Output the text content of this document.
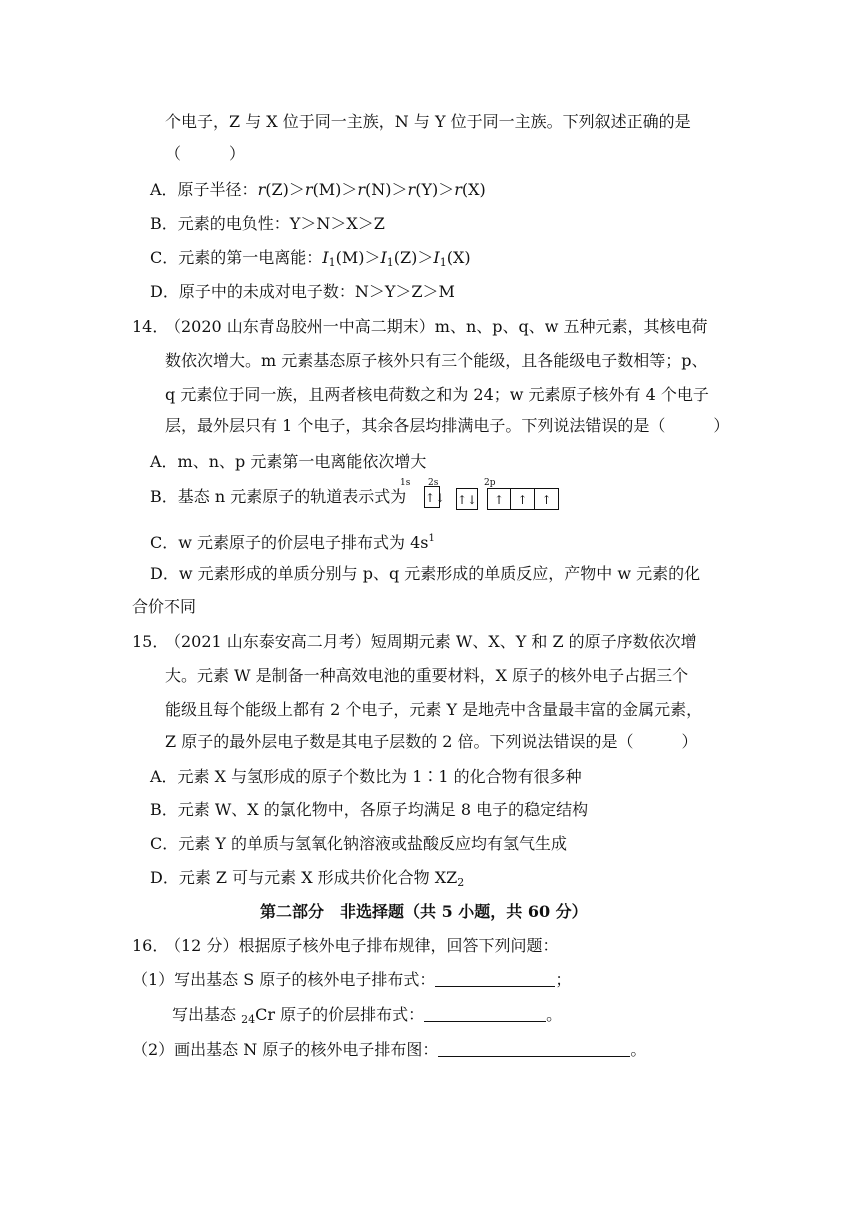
个电子，Z 与 X 位于同一主族，N 与 Y 位于同一主族。下列叙述正确的是
（　　　）
A．原子半径：r(Z)＞r(M)＞r(N)＞r(Y)＞r(X)
B．元素的电负性：Y＞N＞X＞Z
C．元素的第一电离能：$I_1(M)>I_1(Z)>I_1(X)$
D．原子中的未成对电子数：N＞Y＞Z＞M
14．
（2020 山东青岛胶州一中高二期末）m、n、p、q、w 五种元素，其核电荷
数依次增大。m 元素基态原子核外只有三个能级，且各能级电子数相等；p、
q 元素位于同一族，且两者核电荷数之和为 24；w 元素原子核外有 4 个电子
层，最外层只有 1 个电子，其余各层均排满电子。下列说法错误的是（　　　）
A．m、n、p 元素第一电离能依次增大
B．基态 n 元素原子的轨道表示式为
1s 2s	2p
↑↓ ↑↓	↑ ↑ ↑
C．w 元素原子的价层电子排布式为 $4s^1$
D．w 元素形成的单质分别与 p、q 元素形成的单质反应，产物中 w 元素的化
合价不同
15．
（2021 山东泰安高二月考）短周期元素 W、X、Y 和 Z 的原子序数依次增
大。元素 W 是制备一种高效电池的重要材料，X 原子的核外电子占据三个
能级且每个能级上都有 2 个电子，元素 Y 是地壳中含量最丰富的金属元素，
Z 原子的最外层电子数是其电子层数的 2 倍。下列说法错误的是（　　　）
A．元素 X 与氢形成的原子个数比为 1∶1 的化合物有很多种
B．元素 W、X 的氯化物中，各原子均满足 8 电子的稳定结构
C．元素 Y 的单质与氢氧化钠溶液或盐酸反应均有氢气生成
D．元素 Z 可与元素 X 形成共价化合物 $XZ_2$
第二部分　非选择题（共 5 小题，共 60 分）
16．
（12 分）根据原子核外电子排布规律，回答下列问题：
（1）写出基态 S 原子的核外电子排布式：	；
写出基态 $_{24}$Cr 原子的价层排布式：	。
（2）画出基态 N 原子的核外电子排布图：	。
